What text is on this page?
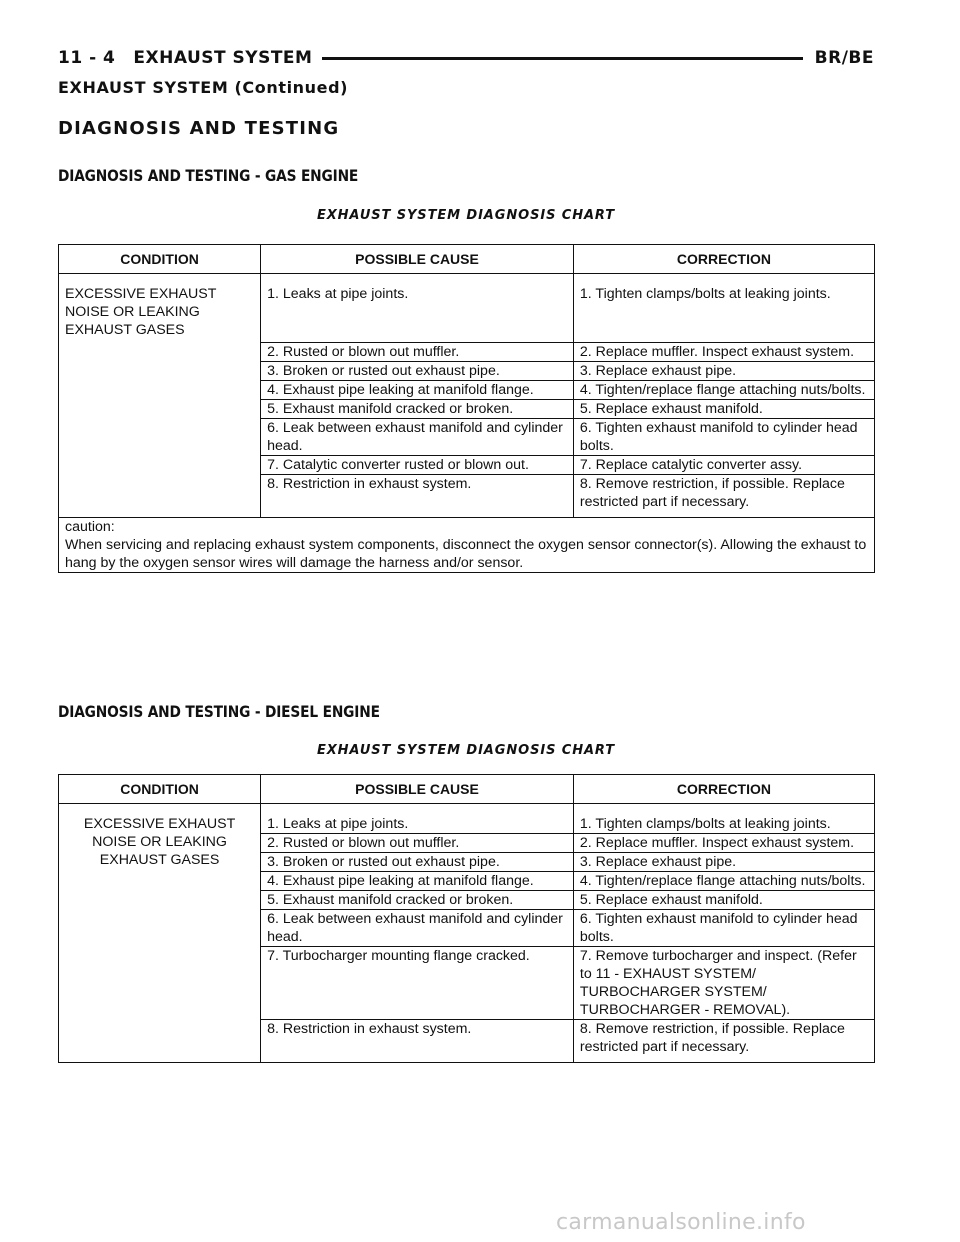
11 - 4 EXHAUST SYSTEM	BR/BE
EXHAUST SYSTEM (Continued)
DIAGNOSIS AND TESTING
DIAGNOSIS AND TESTING - GAS ENGINE
EXHAUST SYSTEM DIAGNOSIS CHART
CONDITION	POSSIBLE CAUSE	CORRECTION
EXCESSIVE EXHAUST NOISE OR LEAKING EXHAUST GASES	1. Leaks at pipe joints.	1. Tighten clamps/bolts at leaking joints.
	2. Rusted or blown out muffler.	2. Replace muffler. Inspect exhaust system.
	3. Broken or rusted out exhaust pipe.	3. Replace exhaust pipe.
	4. Exhaust pipe leaking at manifold flange.	4. Tighten/replace flange attaching nuts/bolts.
	5. Exhaust manifold cracked or broken.	5. Replace exhaust manifold.
	6. Leak between exhaust manifold and cylinder head.	6. Tighten exhaust manifold to cylinder head bolts.
	7. Catalytic converter rusted or blown out.	7. Replace catalytic converter assy.
	8. Restriction in exhaust system.	8. Remove restriction, if possible. Replace restricted part if necessary.

caution:
When servicing and replacing exhaust system components, disconnect the oxygen sensor connector(s). Allowing the exhaust to hang by the oxygen sensor wires will damage the harness and/or sensor.		
DIAGNOSIS AND TESTING - DIESEL ENGINE
EXHAUST SYSTEM DIAGNOSIS CHART
CONDITION	POSSIBLE CAUSE	CORRECTION
EXCESSIVE EXHAUST NOISE OR LEAKING EXHAUST GASES	1. Leaks at pipe joints.	1. Tighten clamps/bolts at leaking joints.
	2. Rusted or blown out muffler.	2. Replace muffler. Inspect exhaust system.
	3. Broken or rusted out exhaust pipe.	3. Replace exhaust pipe.
	4. Exhaust pipe leaking at manifold flange.	4. Tighten/replace flange attaching nuts/bolts.
	5. Exhaust manifold cracked or broken.	5. Replace exhaust manifold.
	6. Leak between exhaust manifold and cylinder head.	6. Tighten exhaust manifold to cylinder head bolts.
	7. Turbocharger mounting flange cracked.	7. Remove turbocharger and inspect. (Refer to 11 - EXHAUST SYSTEM/ TURBOCHARGER SYSTEM/ TURBOCHARGER - REMOVAL).
	8. Restriction in exhaust system.	8. Remove restriction, if possible. Replace restricted part if necessary.
carmanualsonline.info
